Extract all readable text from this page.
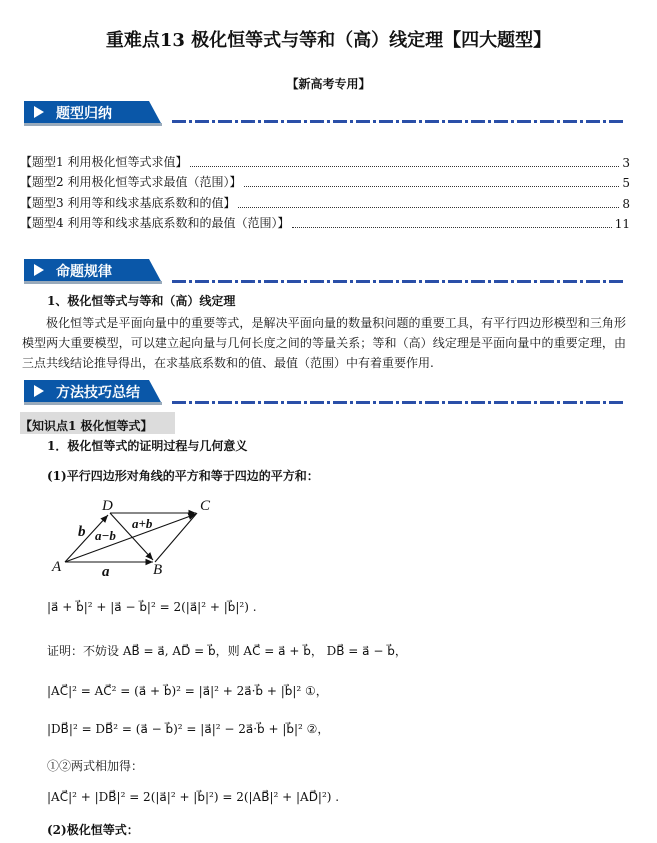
重难点13 极化恒等式与等和（高）线定理【四大题型】
【新高考专用】
题型归纳
【题型1 利用极化恒等式求值】	3
【题型2 利用极化恒等式求最值（范围）】	5
【题型3 利用等和线求基底系数和的值】	8
【题型4 利用等和线求基底系数和的最值（范围）】	11
命题规律
1、极化恒等式与等和（高）线定理
极化恒等式是平面向量中的重要等式，是解决平面向量的数量积问题的重要工具，有平行四边形模型和三角形模型两大重要模型，可以建立起向量与几何长度之间的等量关系；等和（高）线定理是平面向量中的重要定理，由三点共线结论推导得出，在求基底系数和的值、最值（范围）中有着重要作用.
方法技巧总结
【知识点1 极化恒等式】
1．极化恒等式的证明过程与几何意义
(1)平行四边形对角线的平方和等于四边的平方和：
D	C
A	B
a
b a−b
a+b
|a⃗ + b⃗|² + |a⃗ − b⃗|² = 2(|a⃗|² + |b⃗|²) .
证明：不妨设 AB⃗ = a⃗, AD⃗ = b⃗，则 AC⃗ = a⃗ + b⃗， DB⃗ = a⃗ − b⃗，
|AC⃗|² = AC⃗² = (a⃗ + b⃗)² = |a⃗|² + 2a⃗·b⃗ + |b⃗|² ①，
|DB⃗|² = DB⃗² = (a⃗ − b⃗)² = |a⃗|² − 2a⃗·b⃗ + |b⃗|² ②，
①②两式相加得：
|AC⃗|² + |DB⃗|² = 2(|a⃗|² + |b⃗|²) = 2(|AB⃗|² + |AD⃗|²) .
(2)极化恒等式：
